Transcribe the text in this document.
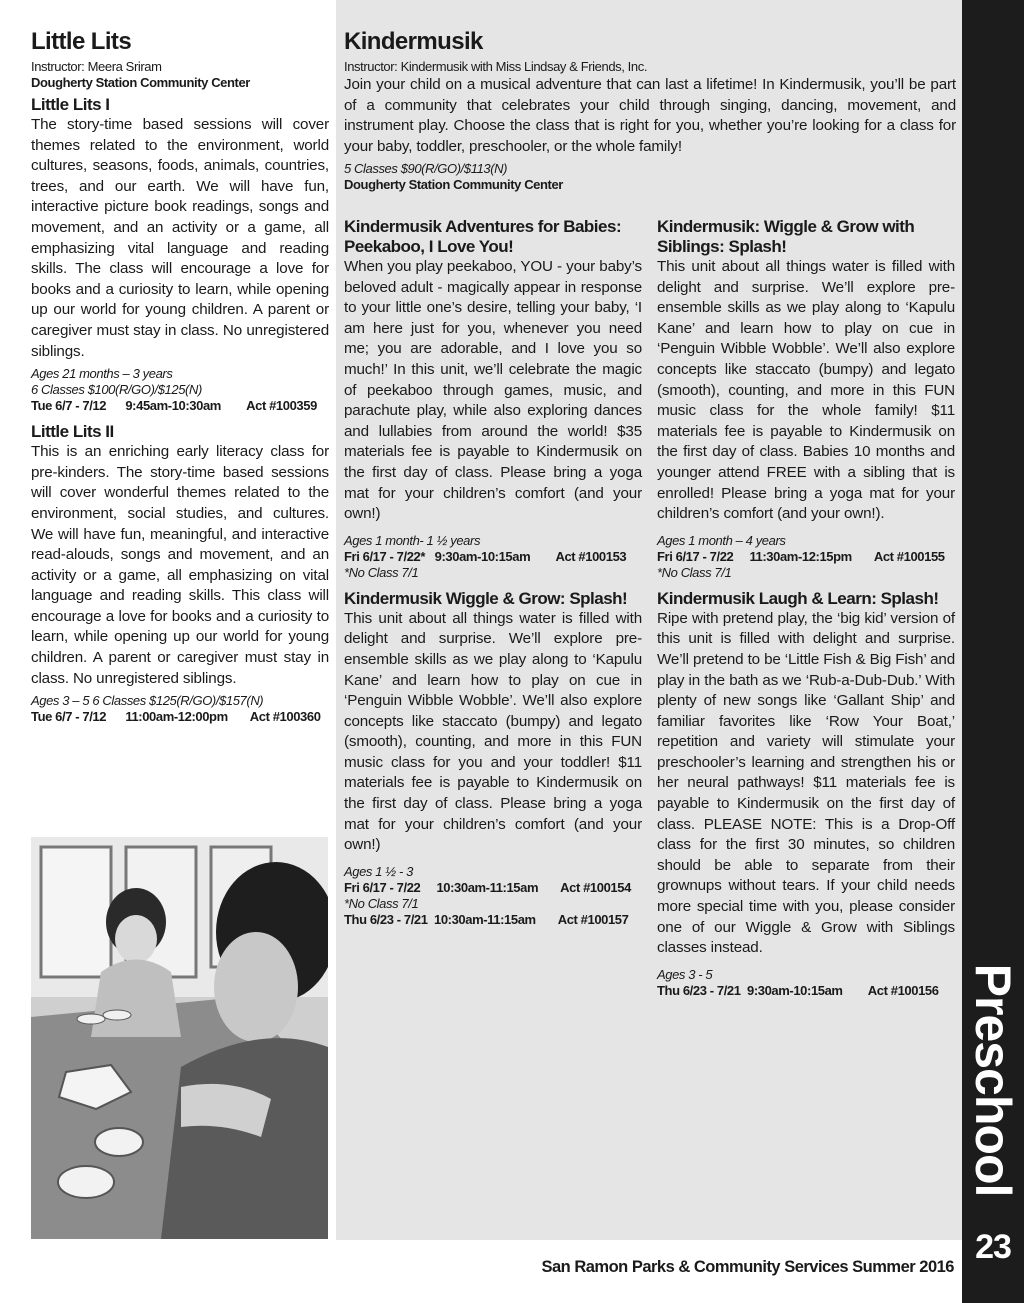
Little Lits

Instructor: Meera Sriram

Dougherty Station Community Center

Little Lits I

The story-time based sessions will cover themes related to the environment, world cultures, seasons, foods, animals, countries, trees, and our earth. We will have fun, interactive picture book readings, songs and movement, and an activity or a game, all emphasizing vital language and reading skills. The class will encourage a love for books and a curiosity to learn, while opening up our world for young children. A parent or caregiver must stay in class. No unregistered siblings.

Ages 21 months – 3 years

6 Classes $100(R/GO)/$125(N)

Tue 6/7 - 7/12      9:45am-10:30am        Act #100359

Little Lits II

This is an enriching early literacy class for pre-kinders. The story-time based sessions will cover wonderful themes related to the environment, social studies, and cultures. We will have fun, meaningful, and interactive read-alouds, songs and movement, and an activity or a game, all emphasizing on vital language and reading skills. This class will encourage a love for books and a curiosity to learn, while opening up our world for young children. A parent or caregiver must stay in class. No unregistered siblings.

Ages 3 – 5 6 Classes $125(R/GO)/$157(N)

Tue 6/7 - 7/12      11:00am-12:00pm       Act #100360

Kindermusik

Instructor: Kindermusik with Miss Lindsay & Friends, Inc.

Join your child on a musical adventure that can last a lifetime! In Kindermusik, you’ll be part of a community that celebrates your child through singing, dancing, movement, and instrument play. Choose the class that is right for you, whether you’re looking for a class for your baby, toddler, preschooler, or the whole family!

5 Classes $90(R/GO)/$113(N)

Dougherty Station Community Center

Kindermusik Adventures for Babies: Peekaboo, I Love You!

When you play peekaboo, YOU - your baby’s beloved adult - magically appear in response to your little one’s desire, telling your baby, ‘I am here just for you, whenever you need me; you are adorable, and I love you so much!’ In this unit, we’ll celebrate the magic of peekaboo through games, music, and parachute play, while also exploring dances and lullabies from around the world! $35 materials fee is payable to Kindermusik on the first day of class. Please bring a yoga mat for your children’s comfort (and your own!)

Ages 1 month- 1 ½ years

Fri 6/17 - 7/22*   9:30am-10:15am        Act #100153

*No Class 7/1

Kindermusik Wiggle & Grow: Splash!

This unit about all things water is filled with delight and surprise. We’ll explore pre-ensemble skills as we play along to ‘Kapulu Kane’ and learn how to play on cue in ‘Penguin Wibble Wobble’. We’ll also explore concepts like staccato (bumpy) and legato (smooth), counting, and more in this FUN music class for you and your toddler! $11 materials fee is payable to Kindermusik on the first day of class. Please bring a yoga mat for your children’s comfort (and your own!)

Ages 1 ½ - 3

Fri 6/17 - 7/22     10:30am-11:15am       Act #100154

*No Class 7/1

Thu 6/23 - 7/21  10:30am-11:15am       Act #100157

Kindermusik: Wiggle & Grow with Siblings: Splash!

This unit about all things water is filled with delight and surprise. We’ll explore pre-ensemble skills as we play along to ‘Kapulu Kane’ and learn how to play on cue in ‘Penguin Wibble Wobble’. We’ll also explore concepts like staccato (bumpy) and legato (smooth), counting, and more in this FUN music class for the whole family! $11 materials fee is payable to Kindermusik on the first day of class. Babies 10 months and younger attend FREE with a sibling that is enrolled! Please bring a yoga mat for your children’s comfort (and your own!).

Ages 1 month – 4 years

Fri 6/17 - 7/22     11:30am-12:15pm       Act #100155

*No Class 7/1

Kindermusik Laugh & Learn: Splash!

Ripe with pretend play, the ‘big kid’ version of this unit is filled with delight and surprise. We’ll pretend to be ‘Little Fish & Big Fish’ and play in the bath as we ‘Rub-a-Dub-Dub.’ With plenty of new songs like ‘Gallant Ship’ and familiar favorites like ‘Row Your Boat,’ repetition and variety will stimulate your preschooler’s learning and strengthen his or her neural pathways! $11 materials fee is payable to Kindermusik on the first day of class. PLEASE NOTE: This is a Drop-Off class for the first 30 minutes, so children should be able to separate from their grownups without tears. If your child needs more special time with you, please consider one of our Wiggle & Grow with Siblings classes instead.

Ages 3 - 5

Thu 6/23 - 7/21  9:30am-10:15am        Act #100156 Preschool
23
San Ramon Parks & Community Services Summer 2016
